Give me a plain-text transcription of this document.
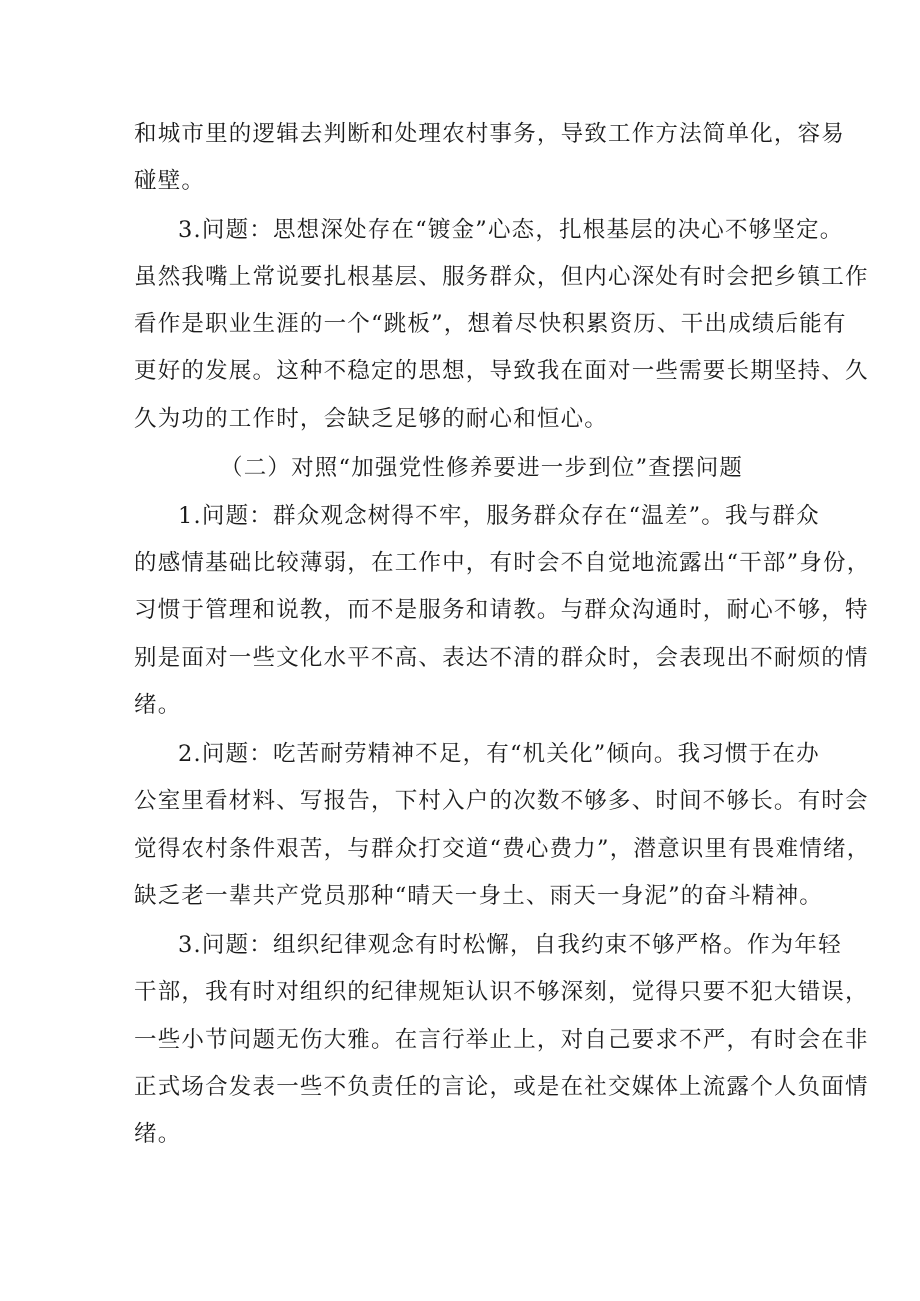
和城市里的逻辑去判断和处理农村事务，导致工作方法简单化，容易
碰壁。
3.问题：思想深处存在“镀金”心态，扎根基层的决心不够坚定。
虽然我嘴上常说要扎根基层、服务群众，但内心深处有时会把乡镇工作
看作是职业生涯的一个“跳板”，想着尽快积累资历、干出成绩后能有
更好的发展。这种不稳定的思想，导致我在面对一些需要长期坚持、久
久为功的工作时，会缺乏足够的耐心和恒心。
（二）对照“加强党性修养要进一步到位”查摆问题
1.问题：群众观念树得不牢，服务群众存在“温差”。我与群众
的感情基础比较薄弱，在工作中，有时会不自觉地流露出“干部”身份，
习惯于管理和说教，而不是服务和请教。与群众沟通时，耐心不够，特
别是面对一些文化水平不高、表达不清的群众时，会表现出不耐烦的情
绪。
2.问题：吃苦耐劳精神不足，有“机关化”倾向。我习惯于在办
公室里看材料、写报告，下村入户的次数不够多、时间不够长。有时会
觉得农村条件艰苦，与群众打交道“费心费力”，潜意识里有畏难情绪，
缺乏老一辈共产党员那种“晴天一身土、雨天一身泥”的奋斗精神。
3.问题：组织纪律观念有时松懈，自我约束不够严格。作为年轻
干部，我有时对组织的纪律规矩认识不够深刻，觉得只要不犯大错误，
一些小节问题无伤大雅。在言行举止上，对自己要求不严，有时会在非
正式场合发表一些不负责任的言论，或是在社交媒体上流露个人负面情
绪。
